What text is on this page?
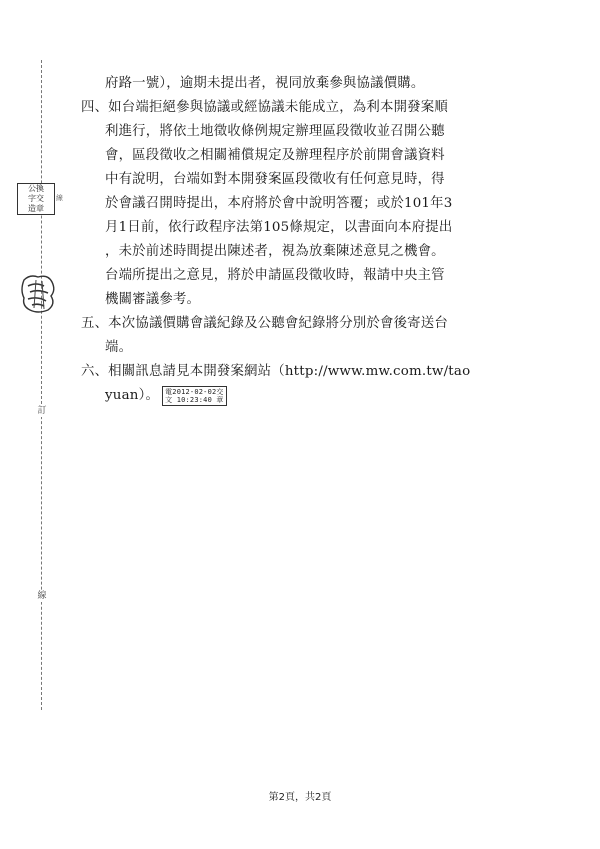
訂
線
公換
字交
造章
線
府路一號），逾期未提出者，視同放棄參與協議價購。
四、如台端拒絕參與協議或經協議未能成立，為利本開發案順
利進行，將依土地徵收條例規定辦理區段徵收並召開公聽
會，區段徵收之相關補償規定及辦理程序於前開會議資料
中有說明，台端如對本開發案區段徵收有任何意見時，得
於會議召開時提出，本府將於會中說明答覆；或於101年3
月1日前，依行政程序法第105條規定，以書面向本府提出
，未於前述時間提出陳述者，視為放棄陳述意見之機會。
台端所提出之意見，將於申請區段徵收時，報請中央主管
機關審議參考。
五、本次協議價購會議紀錄及公聽會紀錄將分別於會後寄送台
端。
六、相關訊息請見本開發案網站（http://www.mw.com.tw/tao
yuan）。 電2012-02-02交
文 10:23:40 章
第2頁，共2頁
